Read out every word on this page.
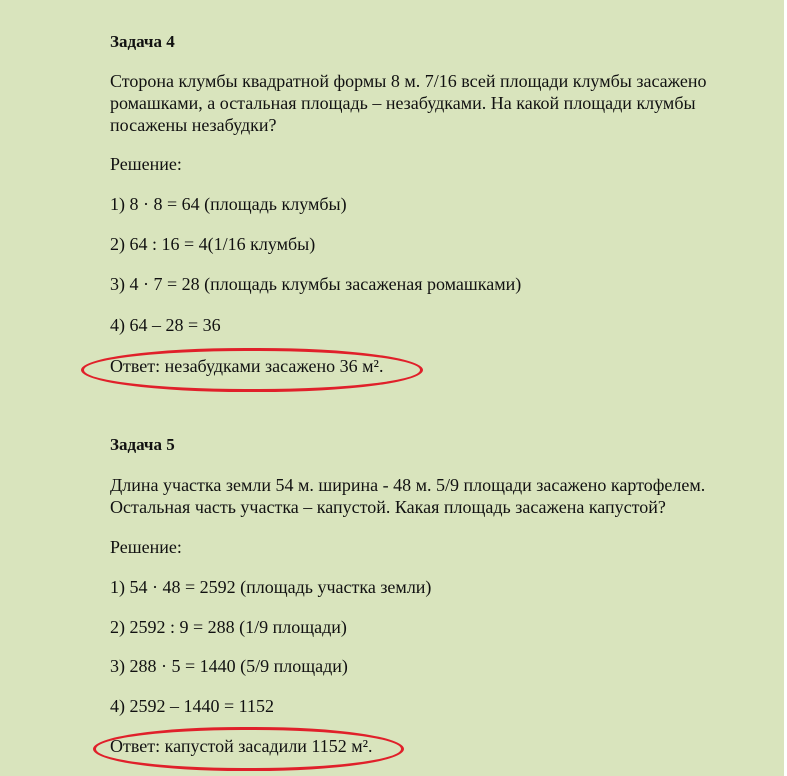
Задача 4
Сторона клумбы квадратной формы 8 м. 7/16 всей площади клумбы засажено
ромашками, а остальная площадь – незабудками. На какой площади клумбы
посажены незабудки?
Решение:
1) 8 · 8 = 64 (площадь клумбы)
2) 64 : 16 = 4(1/16 клумбы)
3) 4 · 7 = 28 (площадь клумбы засаженая ромашками)
4) 64 – 28 = 36
Ответ: незабудками засажено 36 м².
Задача 5
Длина участка земли 54 м. ширина - 48 м. 5/9 площади засажено картофелем.
Остальная часть участка – капустой. Какая площадь засажена капустой?
Решение:
1) 54 · 48 = 2592 (площадь участка земли)
2) 2592 : 9 = 288 (1/9 площади)
3) 288 · 5 = 1440 (5/9 площади)
4) 2592 – 1440 = 1152
Ответ: капустой засадили 1152 м².
